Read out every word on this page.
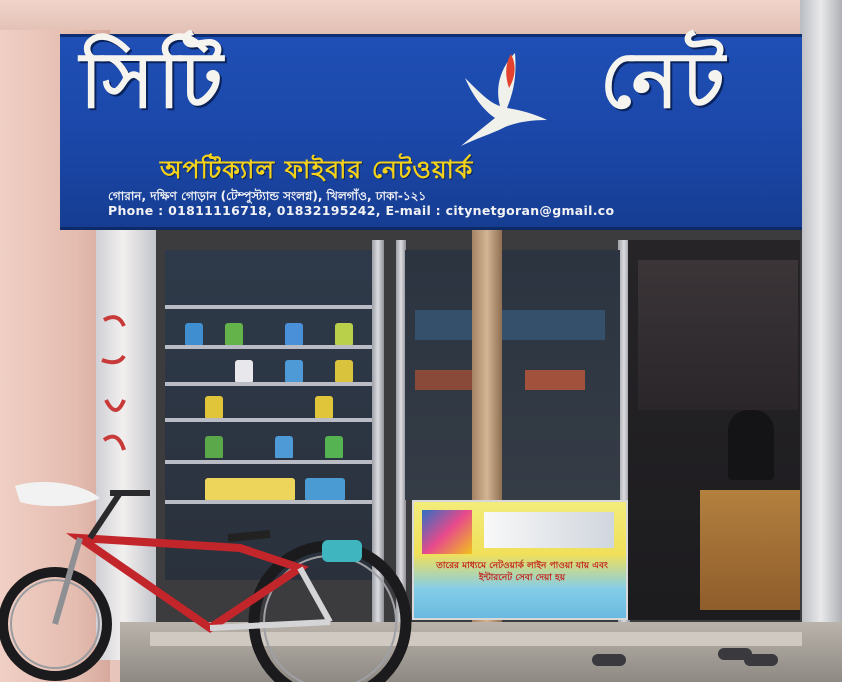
তারের মাধ্যমে নেটওয়ার্ক লাইন পাওয়া যায় এবং ইন্টারনেট সেবা দেয়া হয়
সিটি	নেট
অপটিক্যাল ফাইবার নেটওয়ার্ক
গোরান, দক্ষিণ গোড়ান (টেম্পুস্ট্যান্ড সংলগ্ন), খিলগাঁও, ঢাকা-১২১
Phone : 01811116718, 01832195242, E-mail : citynetgoran@gmail.co
